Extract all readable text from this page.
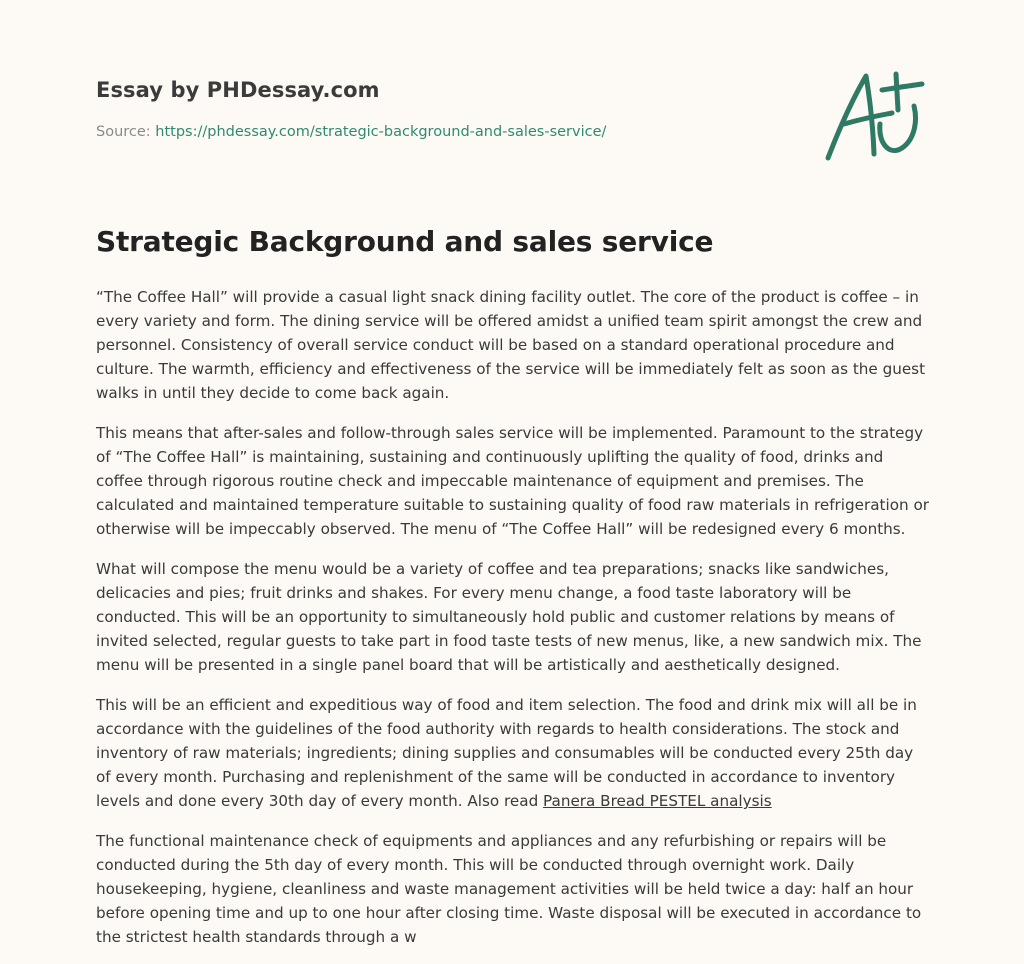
Essay by PHDessay.com
Source: https://phdessay.com/strategic-background-and-sales-service/
Strategic Background and sales service

“The Coffee Hall” will provide a casual light snack dining facility outlet. The core of the product is coffee – in every variety and form. The dining service will be offered amidst a unified team spirit amongst the crew and personnel. Consistency of overall service conduct will be based on a standard operational procedure and culture. The warmth, efficiency and effectiveness of the service will be immediately felt as soon as the guest walks in until they decide to come back again.

This means that after-sales and follow-through sales service will be implemented. Paramount to the strategy of “The Coffee Hall” is maintaining, sustaining and continuously uplifting the quality of food, drinks and coffee through rigorous routine check and impeccable maintenance of equipment and premises. The calculated and maintained temperature suitable to sustaining quality of food raw materials in refrigeration or otherwise will be impeccably observed. The menu of “The Coffee Hall” will be redesigned every 6 months.

What will compose the menu would be a variety of coffee and tea preparations; snacks like sandwiches, delicacies and pies; fruit drinks and shakes. For every menu change, a food taste laboratory will be conducted. This will be an opportunity to simultaneously hold public and customer relations by means of invited selected, regular guests to take part in food taste tests of new menus, like, a new sandwich mix. The menu will be presented in a single panel board that will be artistically and aesthetically designed.

This will be an efficient and expeditious way of food and item selection. The food and drink mix will all be in accordance with the guidelines of the food authority with regards to health considerations. The stock and inventory of raw materials; ingredients; dining supplies and consumables will be conducted every 25th day of every month. Purchasing and replenishment of the same will be conducted in accordance to inventory levels and done every 30th day of every month. Also read Panera Bread PESTEL analysis

The functional maintenance check of equipments and appliances and any refurbishing or repairs will be conducted during the 5th day of every month. This will be conducted through overnight work. Daily housekeeping, hygiene, cleanliness and waste management activities will be held twice a day: half an hour before opening time and up to one hour after closing time. Waste disposal will be executed in accordance to the strictest health standards through a w
